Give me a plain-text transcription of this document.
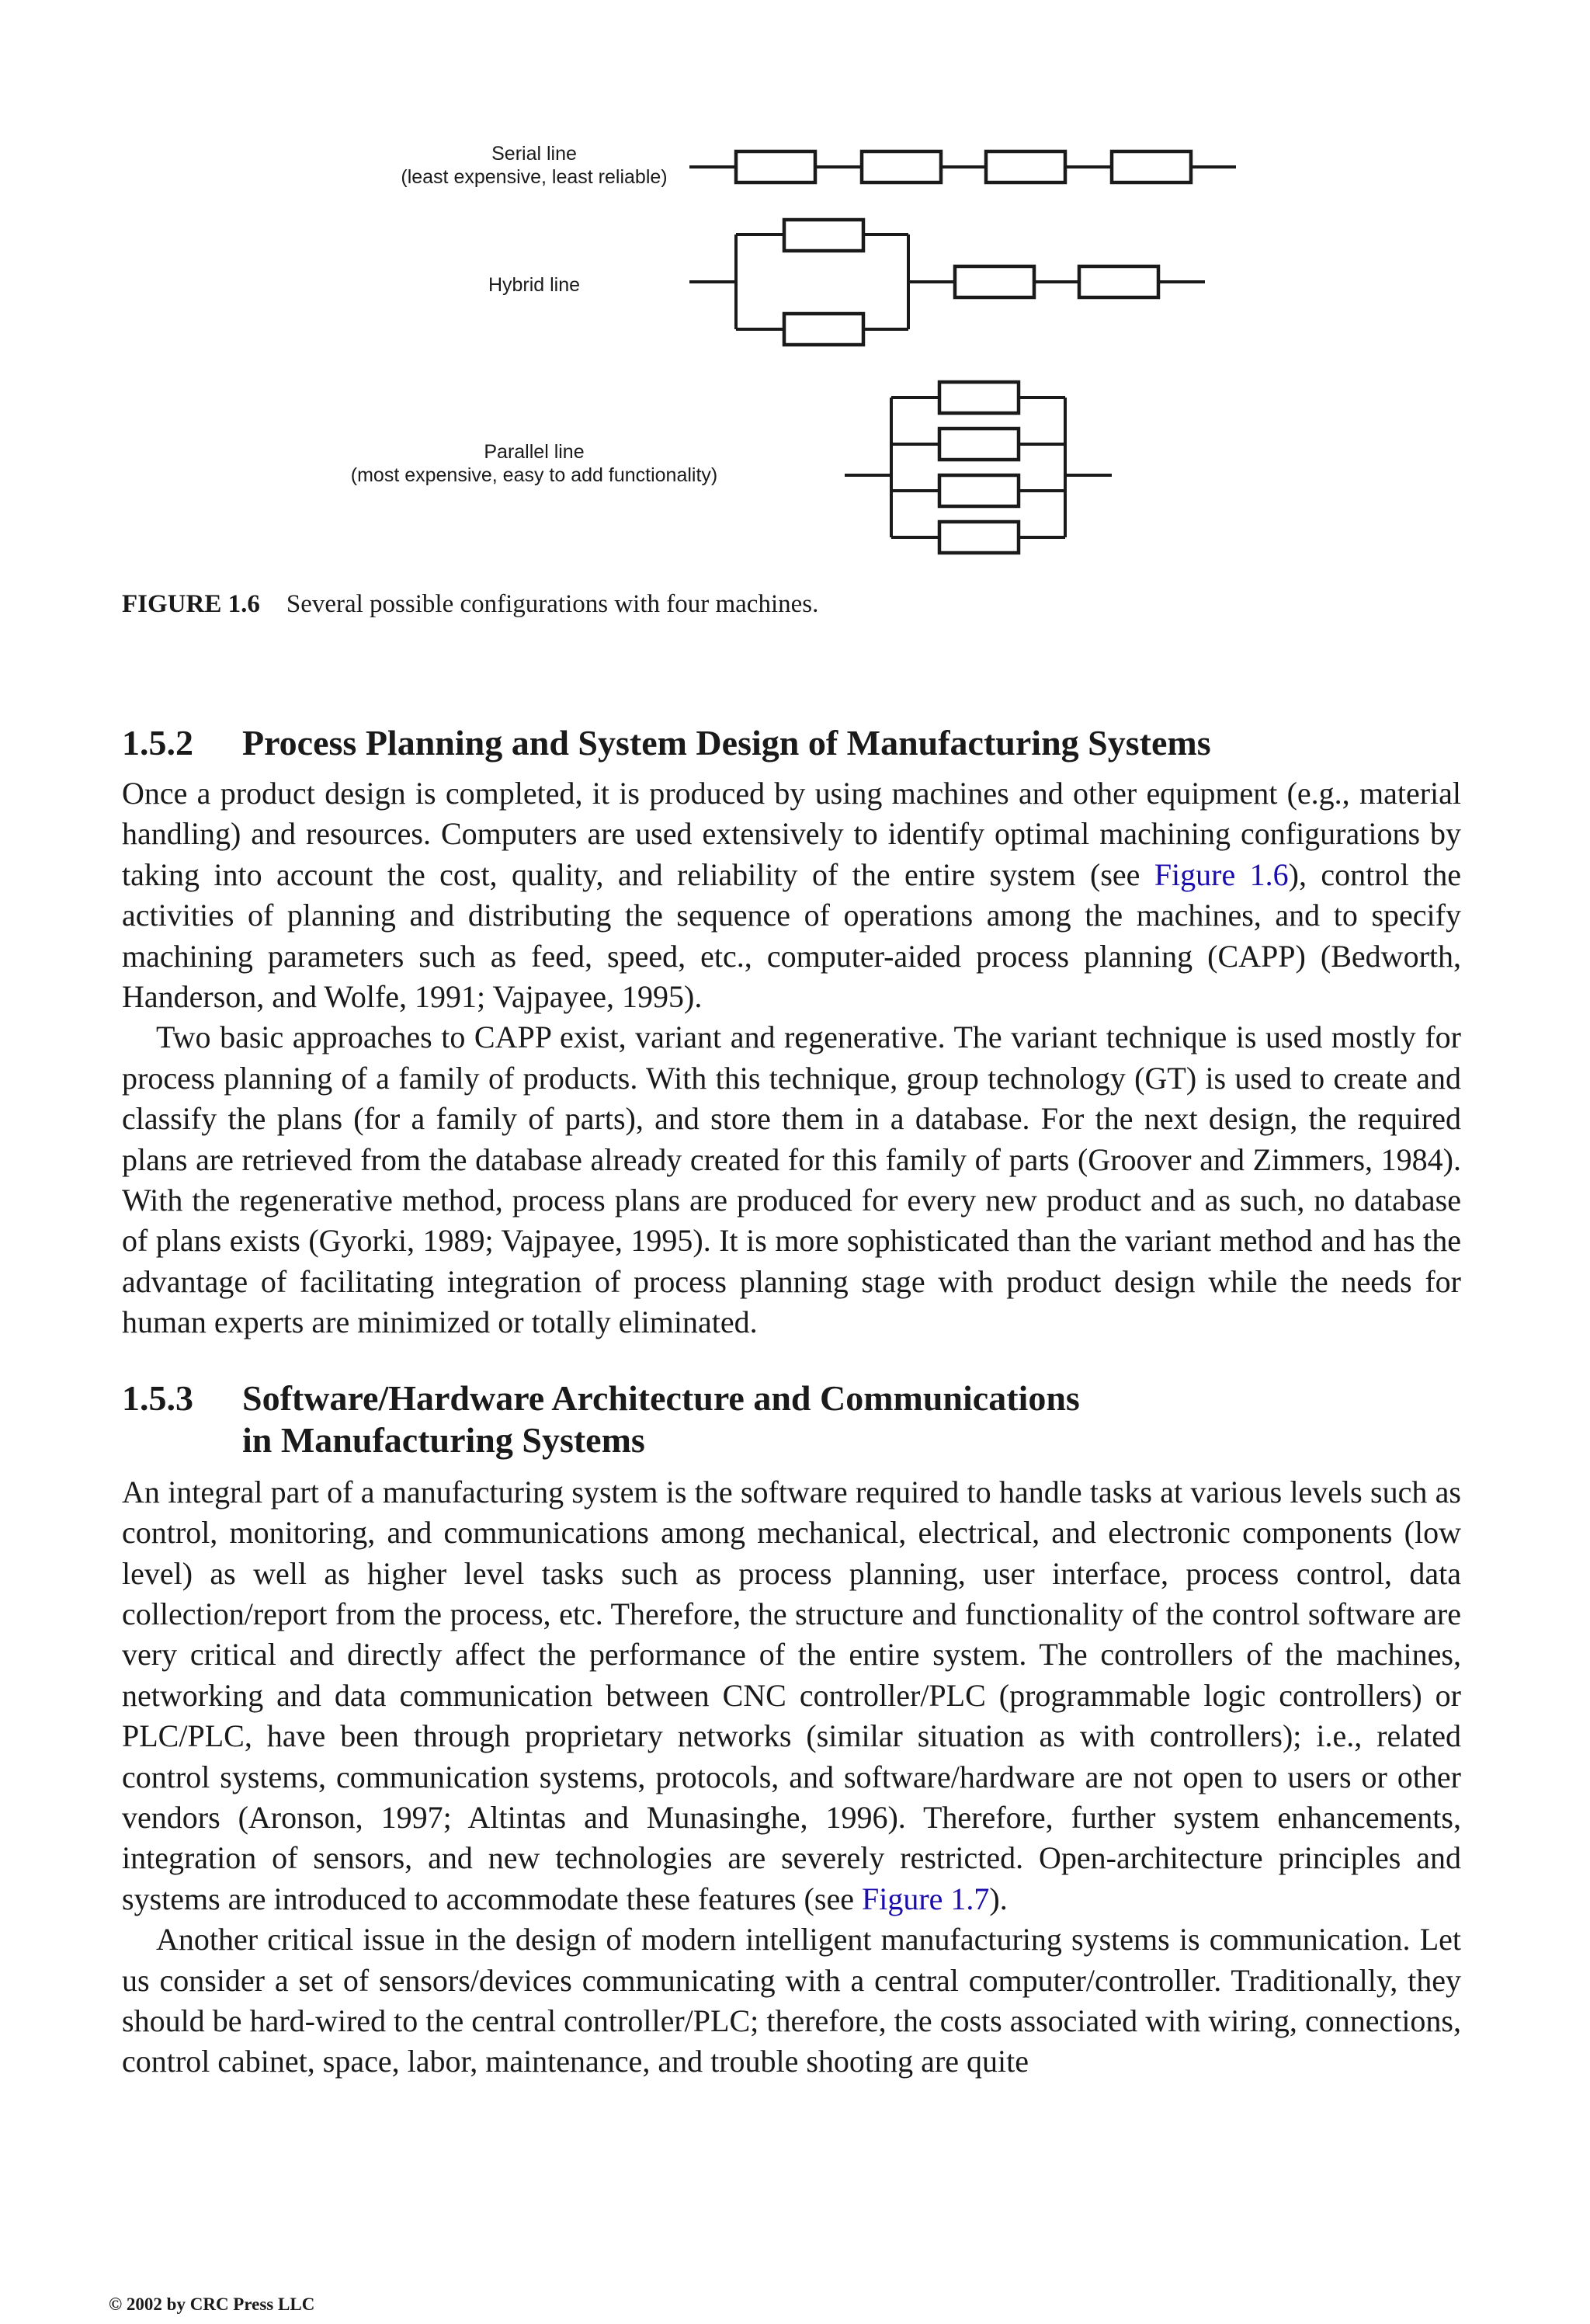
Serial line
(least expensive, least reliable)
Hybrid line
Parallel line
(most expensive, easy to add functionality)
FIGURE 1.6 Several possible configurations with four machines.
1.5.2	Process Planning and System Design of Manufacturing Systems

Once a product design is completed, it is produced by using machines and other equipment (e.g., material handling) and resources. Computers are used extensively to identify optimal machining configurations by taking into account the cost, quality, and reliability of the entire system (see Figure 1.6), control the activities of planning and distributing the sequence of operations among the machines, and to specify machining parameters such as feed, speed, etc., computer-aided process planning (CAPP) (Bedworth, Handerson, and Wolfe, 1991; Vajpayee, 1995).

Two basic approaches to CAPP exist, variant and regenerative. The variant technique is used mostly for process planning of a family of products. With this technique, group technology (GT) is used to create and classify the plans (for a family of parts), and store them in a database. For the next design, the required plans are retrieved from the database already created for this family of parts (Groover and Zimmers, 1984). With the regenerative method, process plans are produced for every new product and as such, no database of plans exists (Gyorki, 1989; Vajpayee, 1995). It is more sophisticated than the variant method and has the advantage of facilitating integration of process planning stage with product design while the needs for human experts are minimized or totally eliminated.

1.5.3	Software/Hardware Architecture and Communications
in Manufacturing Systems

An integral part of a manufacturing system is the software required to handle tasks at various levels such as control, monitoring, and communications among mechanical, electrical, and electronic components (low level) as well as higher level tasks such as process planning, user interface, process control, data collection/report from the process, etc. Therefore, the structure and functionality of the control software are very critical and directly affect the performance of the entire system. The controllers of the machines, networking and data communication between CNC controller/PLC (programmable logic controllers) or PLC/PLC, have been through proprietary networks (similar situation as with controllers); i.e., related control systems, communication systems, protocols, and software/hardware are not open to users or other vendors (Aronson, 1997; Altintas and Munasinghe, 1996). Therefore, further system enhancements, integration of sensors, and new technologies are severely restricted. Open-architecture principles and systems are introduced to accommodate these features (see Figure 1.7).

Another critical issue in the design of modern intelligent manufacturing systems is communication. Let us consider a set of sensors/devices communicating with a central computer/controller. Traditionally, they should be hard-wired to the central controller/PLC; therefore, the costs associated with wiring, connections, control cabinet, space, labor, maintenance, and trouble shooting are quite

© 2002 by CRC Press LLC
